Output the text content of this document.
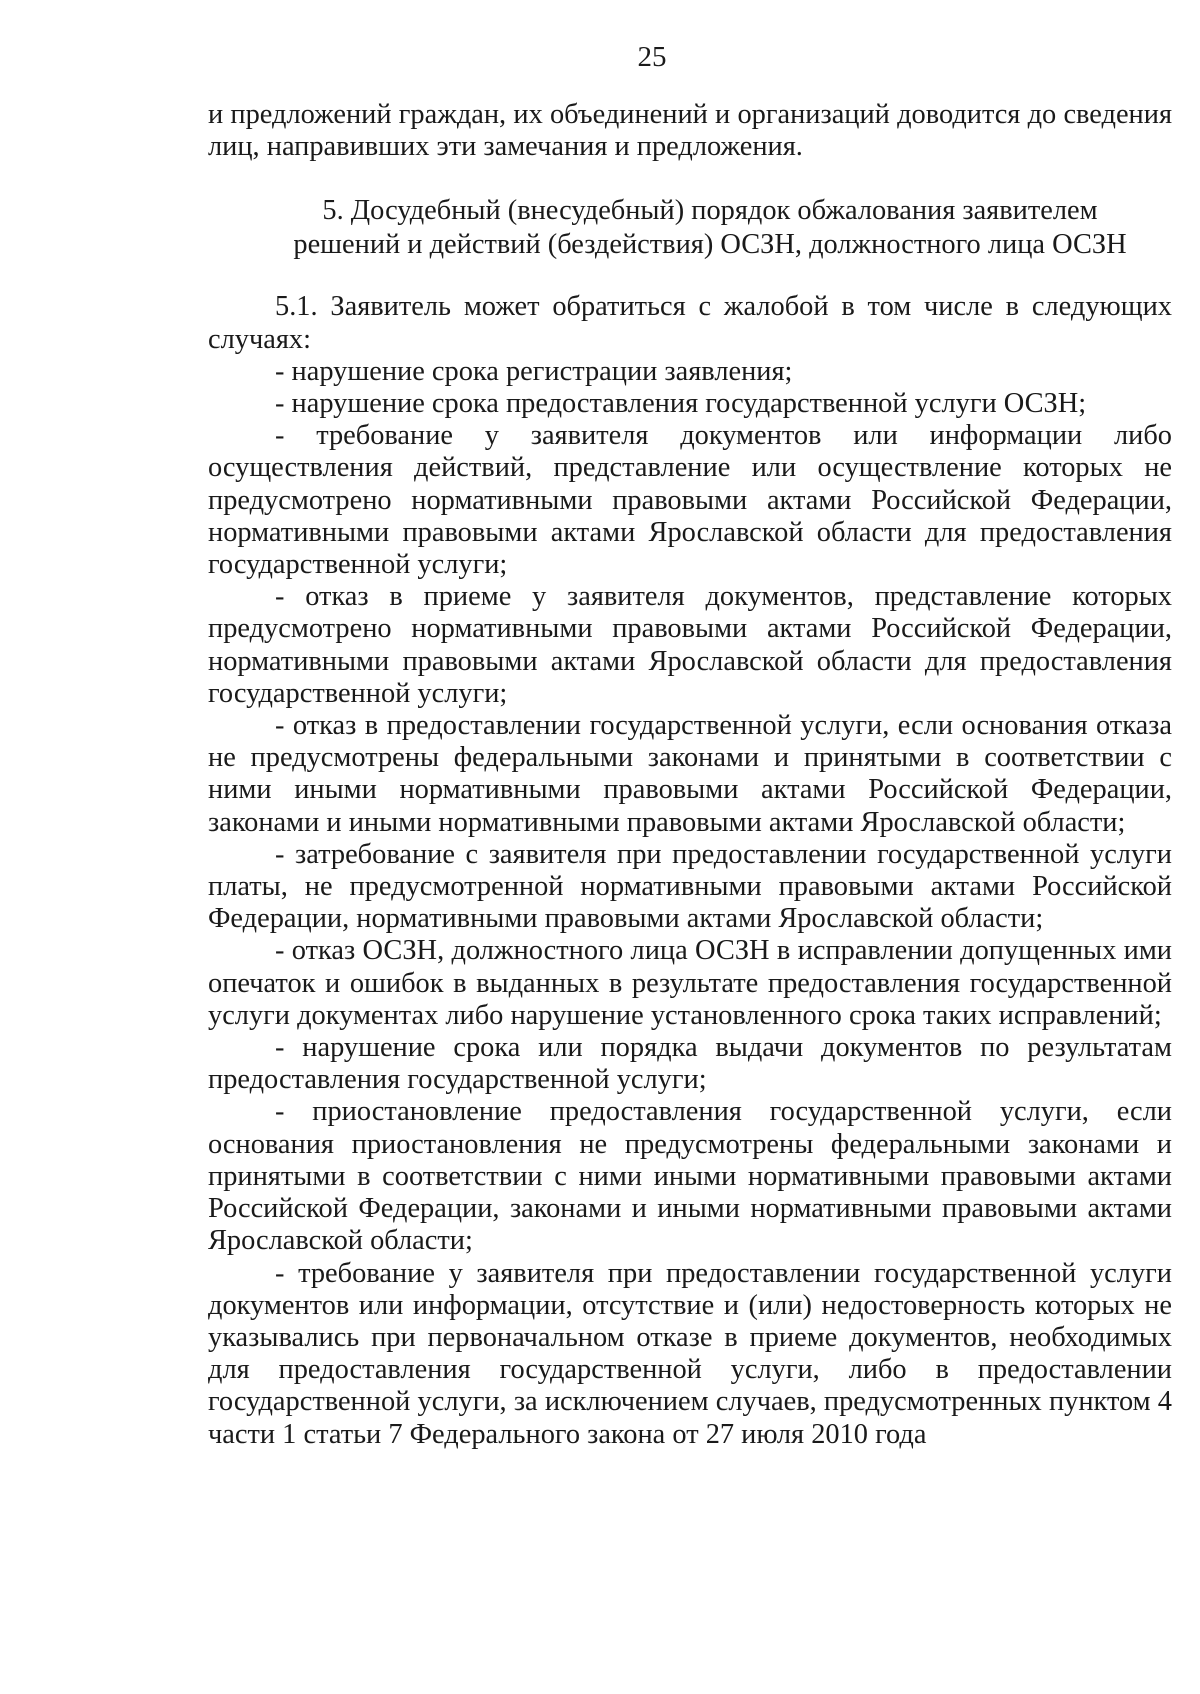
25

и предложений граждан, их объединений и организаций доводится до сведения лиц, направивших эти замечания и предложения.

5. Досудебный (внесудебный) порядок обжалования заявителем
решений и действий (бездействия) ОСЗН, должностного лица ОСЗН

5.1. Заявитель может обратиться с жалобой в том числе в следующих случаях:

- нарушение срока регистрации заявления;

- нарушение срока предоставления государственной услуги ОСЗН;

- требование у заявителя документов или информации либо осуществления действий, представление или осуществление которых не предусмотрено нормативными правовыми актами Российской Федерации, нормативными правовыми актами Ярославской области для предоставления государственной услуги;

- отказ в приеме у заявителя документов, представление которых предусмотрено нормативными правовыми актами Российской Федерации, нормативными правовыми актами Ярославской области для предоставления государственной услуги;

- отказ в предоставлении государственной услуги, если основания отказа не предусмотрены федеральными законами и принятыми в соответствии с ними иными нормативными правовыми актами Российской Федерации, законами и иными нормативными правовыми актами Ярославской области;

- затребование с заявителя при предоставлении государственной услуги платы, не предусмотренной нормативными правовыми актами Российской Федерации, нормативными правовыми актами Ярославской области;

- отказ ОСЗН, должностного лица ОСЗН в исправлении допущенных ими опечаток и ошибок в выданных в результате предоставления государственной услуги документах либо нарушение установленного срока таких исправлений;

- нарушение срока или порядка выдачи документов по результатам предоставления государственной услуги;

- приостановление предоставления государственной услуги, если основания приостановления не предусмотрены федеральными законами и принятыми в соответствии с ними иными нормативными правовыми актами Российской Федерации, законами и иными нормативными правовыми актами Ярославской области;

- требование у заявителя при предоставлении государственной услуги документов или информации, отсутствие и (или) недостоверность которых не указывались при первоначальном отказе в приеме документов, необходимых для предоставления государственной услуги, либо в предоставлении государственной услуги, за исключением случаев, предусмотренных пунктом 4 части 1 статьи 7 Федерального закона от 27 июля 2010 года
